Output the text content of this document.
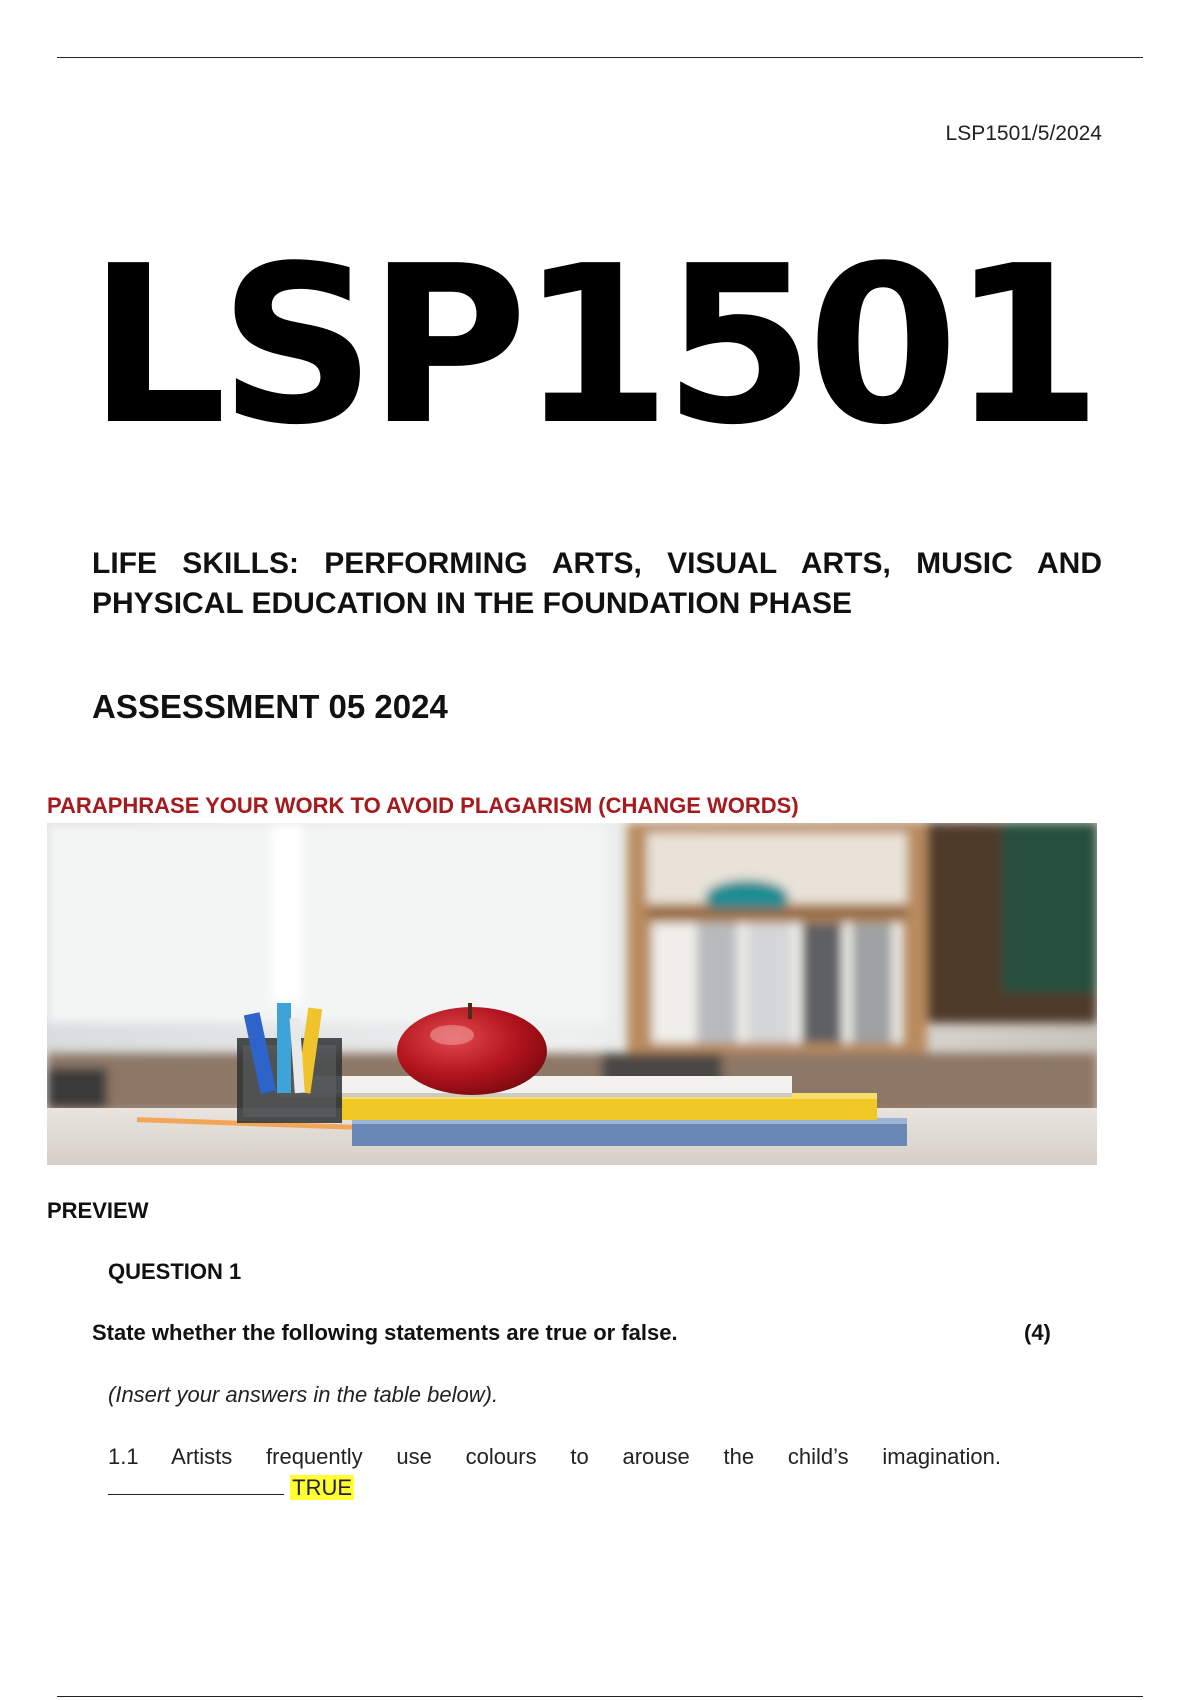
LSP1501/5/2024
LSP1501
LIFE SKILLS: PERFORMING ARTS, VISUAL ARTS, MUSIC AND PHYSICAL EDUCATION IN THE FOUNDATION PHASE
ASSESSMENT 05 2024
PARAPHRASE YOUR WORK TO AVOID PLAGARISM (CHANGE WORDS)
PREVIEW
QUESTION 1
State whether the following statements are true or false.	(4)
(Insert your answers in the table below).
1.1 Artists frequently use colours to arouse the child’s imagination.
TRUE
